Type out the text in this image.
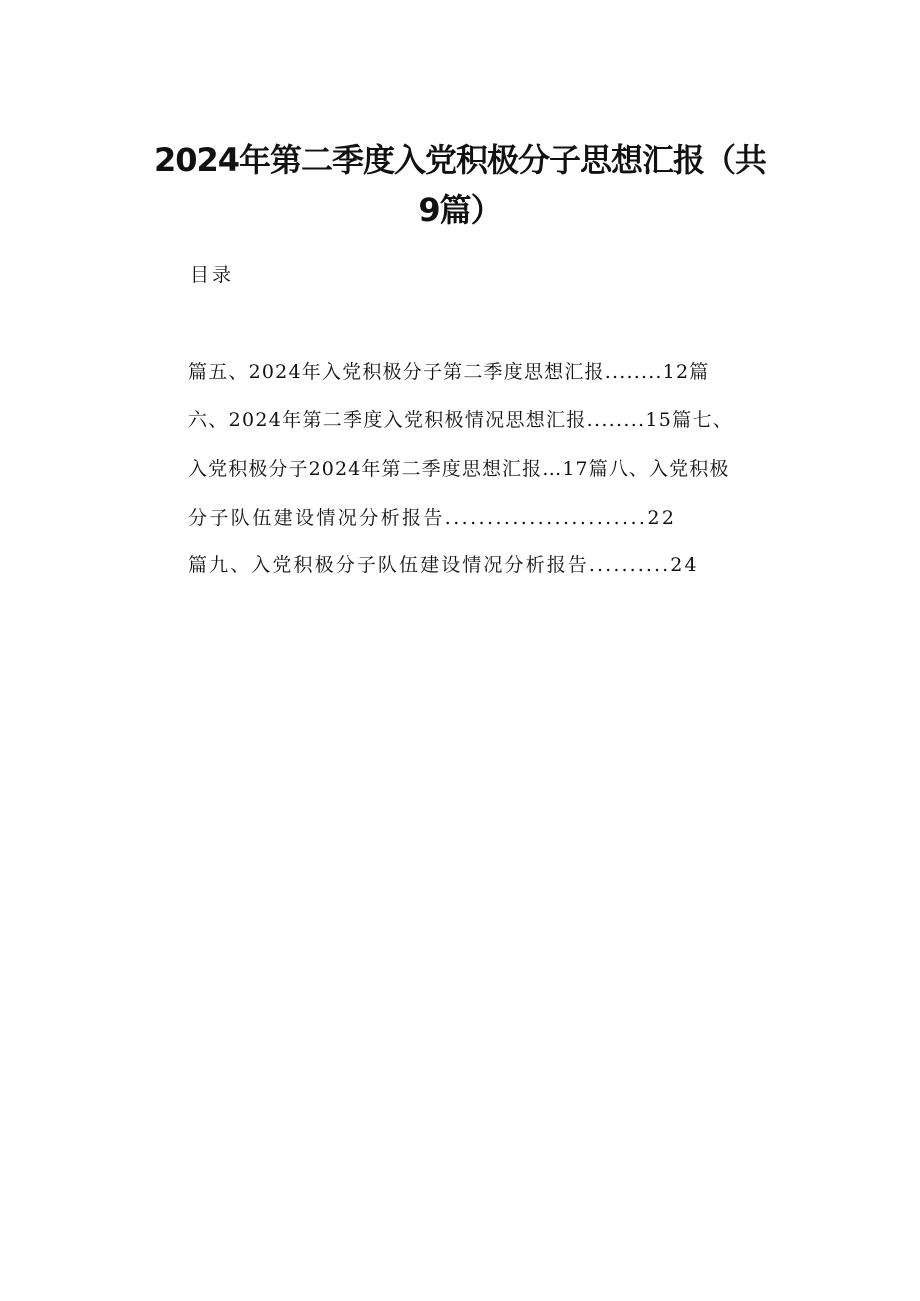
2024年第二季度入党积极分子思想汇报（共
9篇）
目录
篇五、2024年入党积极分子第二季度思想汇报........12篇
六、2024年第二季度入党积极情况思想汇报........15篇七、
入党积极分子2024年第二季度思想汇报…17篇八、入党积极
分子队伍建设情况分析报告........................22
篇九、入党积极分子队伍建设情况分析报告..........24
